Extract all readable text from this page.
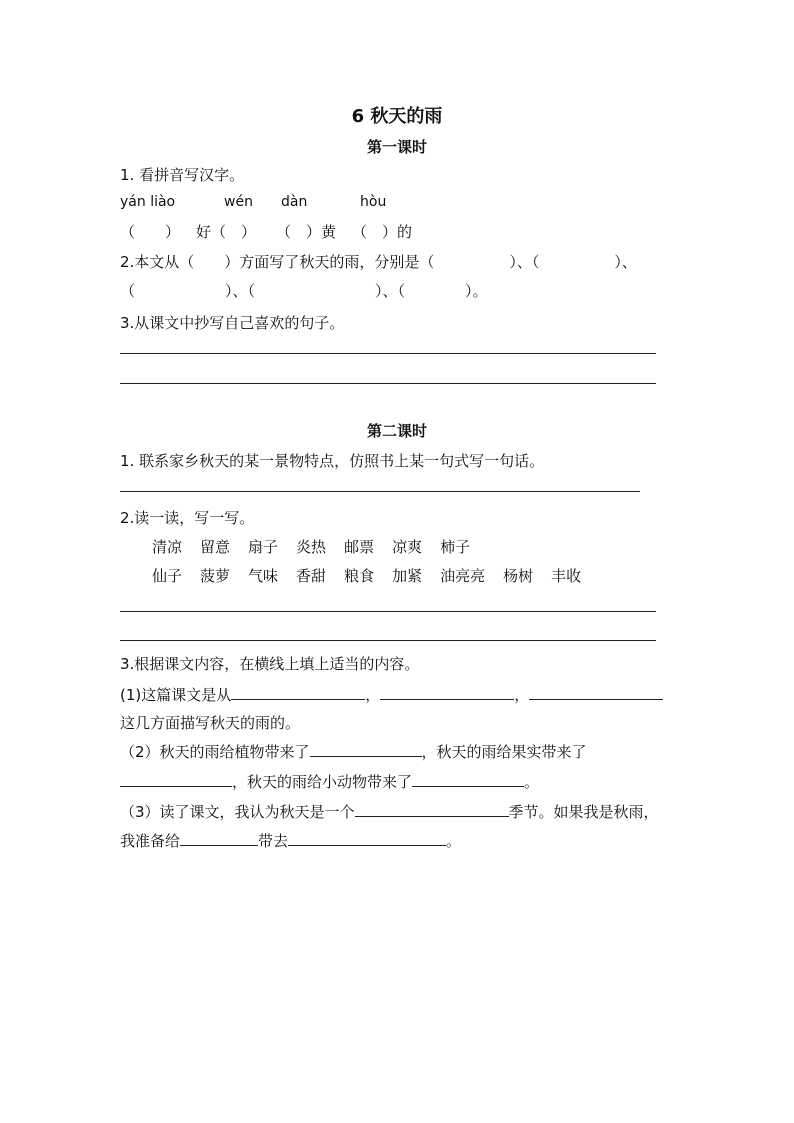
6 秋天的雨
第一课时
1. 看拼音写汉字。
yán liào	wén dàn	hòu
（　　） 好（　） （　）黄 （　）的
2.本文从（　　）方面写了秋天的雨，分别是（　　　　　）、（　　　　　）、
（　　　　　　）、（　　　　　　　　）、（　　　　）。
3.从课文中抄写自己喜欢的句子。
第二课时
1. 联系家乡秋天的某一景物特点，仿照书上某一句式写一句话。
2.读一读，写一写。
清凉 留意 扇子 炎热 邮票 凉爽 柿子
仙子 菠萝 气味 香甜 粮食 加紧 油亮亮 杨树 丰收
3.根据课文内容，在横线上填上适当的内容。
(1)这篇课文是从	，	，
这几方面描写秋天的雨的。
（2）秋天的雨给植物带来了	，秋天的雨给果实带来了
，秋天的雨给小动物带来了	。
（3）读了课文，我认为秋天是一个	季节。如果我是秋雨，
我准备给	带去	。
